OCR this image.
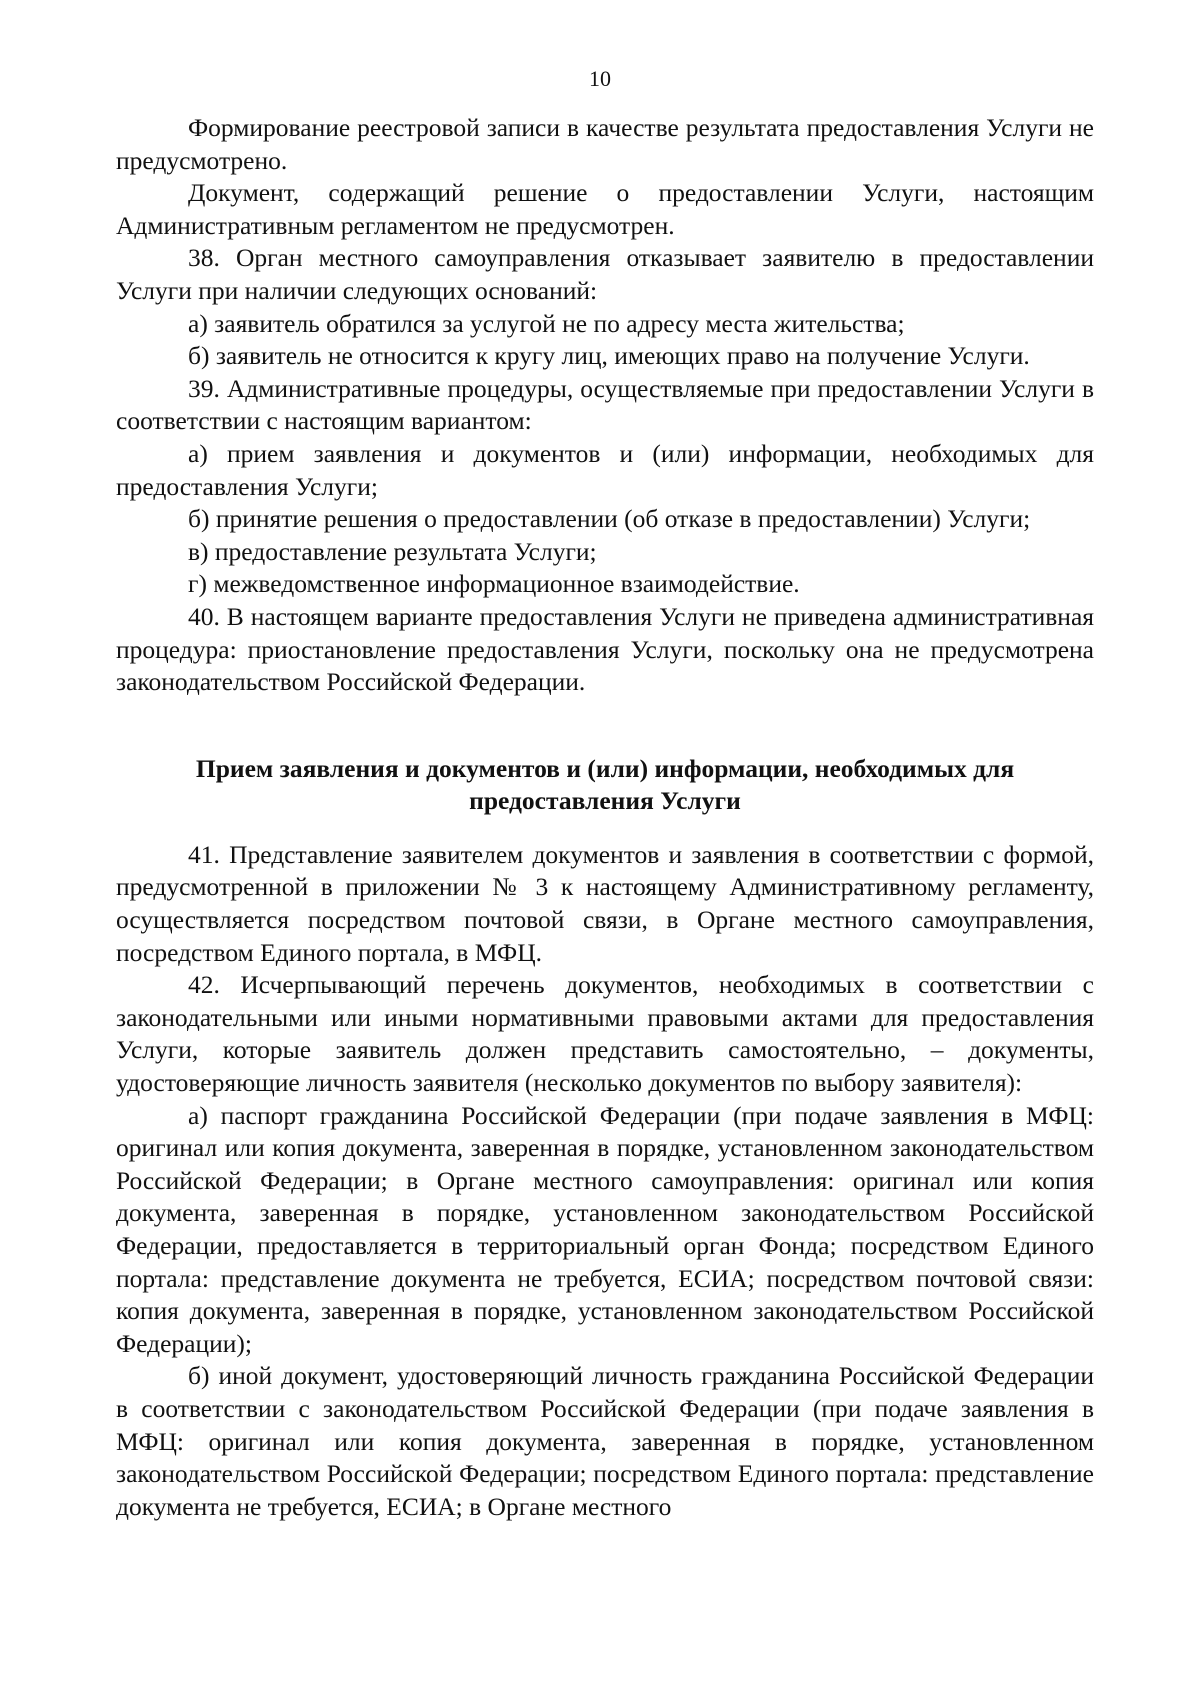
10

Формирование реестровой записи в качестве результата предоставления Услуги не предусмотрено.

Документ, содержащий решение о предоставлении Услуги, настоящим Административным регламентом не предусмотрен.

38. Орган местного самоуправления отказывает заявителю в предоставлении Услуги при наличии следующих оснований:

а) заявитель обратился за услугой не по адресу места жительства;

б) заявитель не относится к кругу лиц, имеющих право на получение Услуги.

39. Административные процедуры, осуществляемые при предоставлении Услуги в соответствии с настоящим вариантом:

а) прием заявления и документов и (или) информации, необходимых для предоставления Услуги;

б) принятие решения о предоставлении (об отказе в предоставлении) Услуги;

в) предоставление результата Услуги;

г) межведомственное информационное взаимодействие.

40. В настоящем варианте предоставления Услуги не приведена административная процедура: приостановление предоставления Услуги, поскольку она не предусмотрена законодательством Российской Федерации.

Прием заявления и документов и (или) информации, необходимых для предоставления Услуги

41. Представление заявителем документов и заявления в соответствии с формой, предусмотренной в приложении № 3 к настоящему Административному регламенту, осуществляется посредством почтовой связи, в Органе местного самоуправления, посредством Единого портала, в МФЦ.

42. Исчерпывающий перечень документов, необходимых в соответствии с законодательными или иными нормативными правовыми актами для предоставления Услуги, которые заявитель должен представить самостоятельно, – документы, удостоверяющие личность заявителя (несколько документов по выбору заявителя):

а) паспорт гражданина Российской Федерации (при подаче заявления в МФЦ: оригинал или копия документа, заверенная в порядке, установленном законодательством Российской Федерации; в Органе местного самоуправления: оригинал или копия документа, заверенная в порядке, установленном законодательством Российской Федерации, предоставляется в территориальный орган Фонда; посредством Единого портала: представление документа не требуется, ЕСИА; посредством почтовой связи: копия документа, заверенная в порядке, установленном законодательством Российской Федерации);

б) иной документ, удостоверяющий личность гражданина Российской Федерации в соответствии с законодательством Российской Федерации (при подаче заявления в МФЦ: оригинал или копия документа, заверенная в порядке, установленном законодательством Российской Федерации; посредством Единого портала: представление документа не требуется, ЕСИА; в Органе местного
